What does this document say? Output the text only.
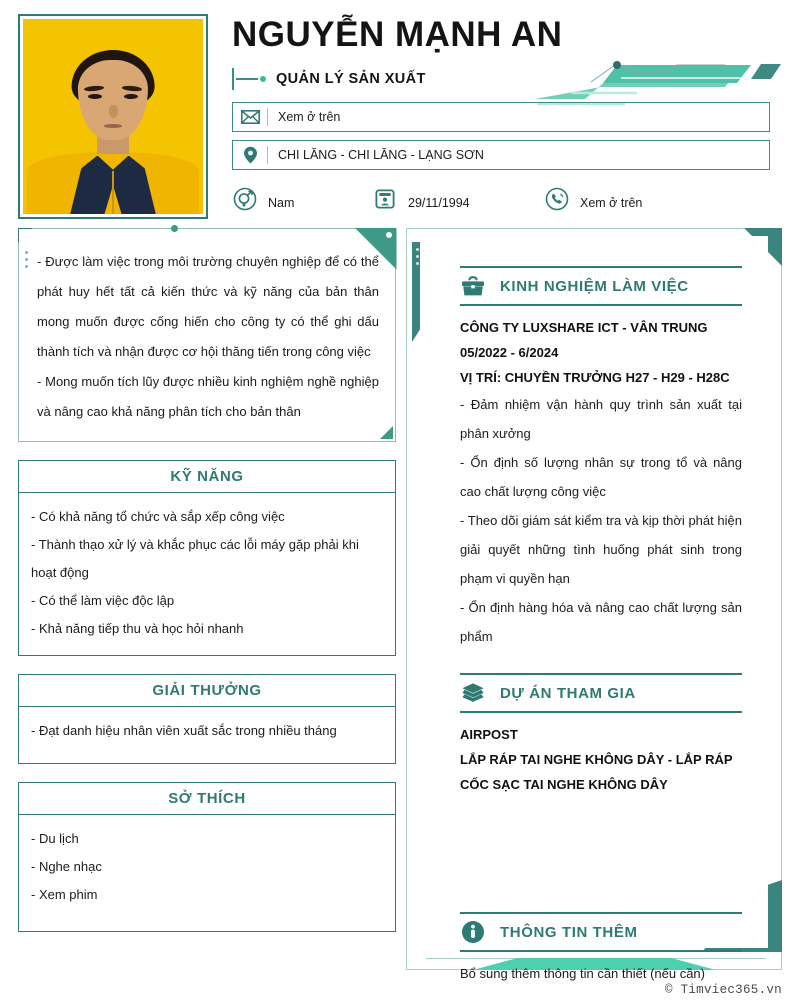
NGUYỄN MẠNH AN
QUẢN LÝ SẢN XUẤT
Xem ở trên
CHI LĂNG - CHI LĂNG - LẠNG SƠN
Nam	29/11/1994	Xem ở trên

- Được làm việc trong môi trường chuyên nghiệp để có thể phát huy hết tất cả kiến thức và kỹ năng của bản thân mong muốn được cống hiến cho công ty có thể ghi dấu thành tích và nhận được cơ hội thăng tiến trong công việc

- Mong muốn tích lũy được nhiều kinh nghiệm nghề nghiệp và nâng cao khả năng phân tích cho bản thân

KỸ NĂNG

- Có khả năng tổ chức và sắp xếp công việc

- Thành thạo xử lý và khắc phục các lỗi máy gặp phải khi hoạt động

- Có thể làm việc độc lập

- Khả năng tiếp thu và học hỏi nhanh

GIẢI THƯỞNG

- Đạt danh hiệu nhân viên xuất sắc trong nhiều tháng

SỞ THÍCH

- Du lịch

- Nghe nhạc

- Xem phim

KINH NGHIỆM LÀM VIỆC
CÔNG TY LUXSHARE ICT - VÂN TRUNG
05/2022 - 6/2024
VỊ TRÍ: CHUYỀN TRƯỞNG H27 - H29 - H28C

- Đảm nhiệm vận hành quy trình sản xuất tại phân xưởng

- Ổn định số lượng nhân sự trong tổ và nâng cao chất lượng công việc

- Theo dõi giám sát kiểm tra và kịp thời phát hiện giải quyết những tình huống phát sinh trong phạm vi quyền hạn

- Ổn định hàng hóa và nâng cao chất lượng sản phẩm

DỰ ÁN THAM GIA
AIRPOST
LẮP RÁP TAI NGHE KHÔNG DÂY - LẮP RÁP CỐC SẠC TAI NGHE KHÔNG DÂY
THÔNG TIN THÊM

Bổ sung thêm thông tin cần thiết (nếu cần)

© Timviec365.vn
